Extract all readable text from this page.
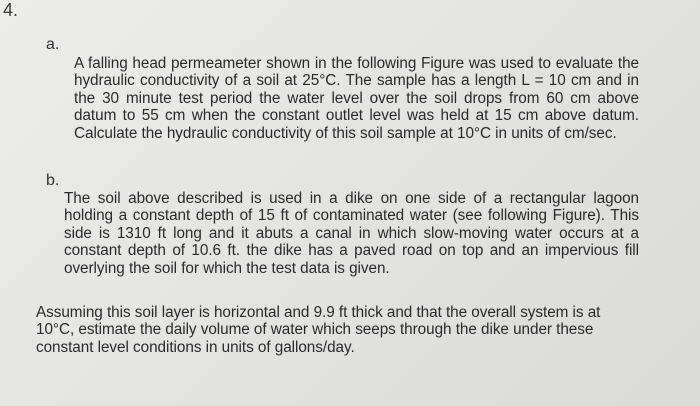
4.
a.

A falling head permeameter shown in the following Figure was used to evaluate the hydraulic conductivity of a soil at 25°C. The sample has a length L = 10 cm and in the 30 minute test period the water level over the soil drops from 60 cm above datum to 55 cm when the constant outlet level was held at 15 cm above datum. Calculate the hydraulic conductivity of this soil sample at 10°C in units of cm/sec.

b.

The soil above described is used in a dike on one side of a rectangular lagoon holding a constant depth of 15 ft of contaminated water (see following Figure). This side is 1310 ft long and it abuts a canal in which slow-moving water occurs at a constant depth of 10.6 ft. the dike has a paved road on top and an impervious fill overlying the soil for which the test data is given.

Assuming this soil layer is horizontal and 9.9 ft thick and that the overall system is at 10°C, estimate the daily volume of water which seeps through the dike under these constant level conditions in units of gallons/day.
